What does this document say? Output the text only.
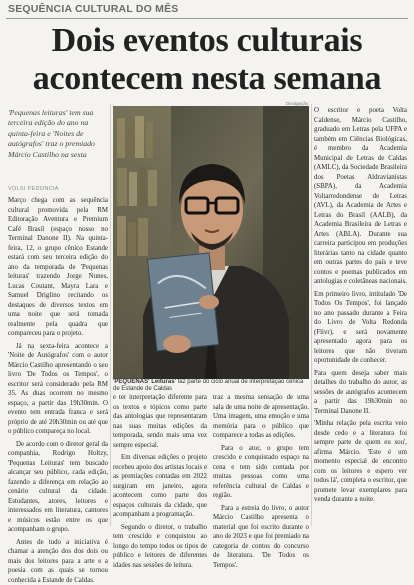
SEQUÊNCIA CULTURAL DO MÊS
Dois eventos culturais
acontecem nesta semana
'Pequenas leituras' tem sua terceira edição do ano na quinta-feira e 'Noites de autógrafos' traz o premiado Márcio Castilho na sexta
VOLSI PEDONCIA
Divulgação
'PEQUENAS' Leituras' faz parte do ciclo anual de interpretação cênica de Estande de Caldas

Março chega com as sequência cultural promovida pela RM Editoração Aventura e Premium Café Brasil (espaço nosso no Terminal Danone II). Na quinta-feira, 12, o grupo cênico Estande estará com seu terceira edição do ano da temporada de 'Pequenas leituras' trazendo Jorge Nunes, Lucas Coutant, Mayra Lara e Samuel Driglino recitando os destaques de diversos textos em uma noite que será tomada realmente pela quadra que compareceu para o projeto.

Já na sexta-feira acontece a 'Noite de Autógrafos' com o autor Márcio Castilho apresentando o seu livro 'De Todos os Tempos', o escritor será considerado pela RM 35. As duas ocorrem no mesmo espaço, a partir das 19h30min. O evento tem entrada franca e será próprio de até 20h30min ou até que o público compareça no local.

De acordo com o diretor geral da companhia, Rodrigo Holtzy, 'Pequenas Leituras' tem buscado alcançar seu público, cada edição, fazendo a diferença em relação ao cenário cultural da cidade. Estudantes, atores, leitores e interessados em literatura, cantores e músicos estão entre os que acompanham o grupo.

Antes de tudo a iniciativa é chamar a atenção dos dos dois ou mais dos leitores para a arte e a poesia com as quais se tornou conhecida a Estande de Caldas.

e ter interpretação diferente para os textos e tópicos como parte das antologias que representaram nas suas muitas edições da temporada, sendo mais uma vez sempre especial.

Em diversas edições o projeto recebeu apoio dos artistas locais e as premiações contadas em 2022 surgiram em janeiro, agora acontecem como parte dos espaços culturais da cidade, que acompanham a programação.

Segundo o diretor, o trabalho tem crescido e conquistou ao longo do tempo todos os tipos de público e leitores de diferentes idades nas sessões de leitura.

traz a mesma sensação de uma sala de uma noite de apresentação. Uma imagem, uma emoção e uma memória para o público que comparece a todas as edições.

Para o ator, o grupo tem crescido e conquistado espaço na cena e tem sido contada por muitas pessoas como uma referência cultural de Caldas e região.

Para a estreia do livro, o autor Márcio Castilho apresenta o material que foi escrito durante o ano de 2023 e que foi premiado na categoria de contos do concurso de literatura. 'De Todos os Tempos'.

O escritor e poeta Volta Caldense, Márcio Castilho, graduado em Letras pela UFPA e também em Ciências Biológicas, é membro da Academia Municipal de Letras de Caldas (AMLC), da Sociedade Brasileira dos Poetas Aldravianistas (SBPA), da Academia Voltarredondense de Letras (AVL), da Academia de Artes e Letras do Brasil (AALB), da Academia Brasileira de Letras e Artes (ABLA). Durante sua carreira participou em produções literárias tanto na cidade quanto em outras partes do país e teve contos e poemas publicados em antologias e coletâneas nacionais.

Em primeiro livro, intitulado 'De Todos Os Tempos', foi lançado no ano passado durante a Feira do Livro de Volta Redonda (Flivr), e será novamente apresentado agora para os leitores que não tiveram oportunidade de conhecer.

Para quem deseja saber mais detalhes do trabalho do autor, as sessões de autógrafos acontecem a partir das 19h30min no Terminal Danone II.

'Minha relação pela escrita veio desde cedo e a literatura foi sempre parte de quem eu sou', afirma Márcio. 'Este é um momento especial de encontro com os leitores e espero ver todos lá', completa o escritor, que promete levar exemplares para venda durante a noite.
